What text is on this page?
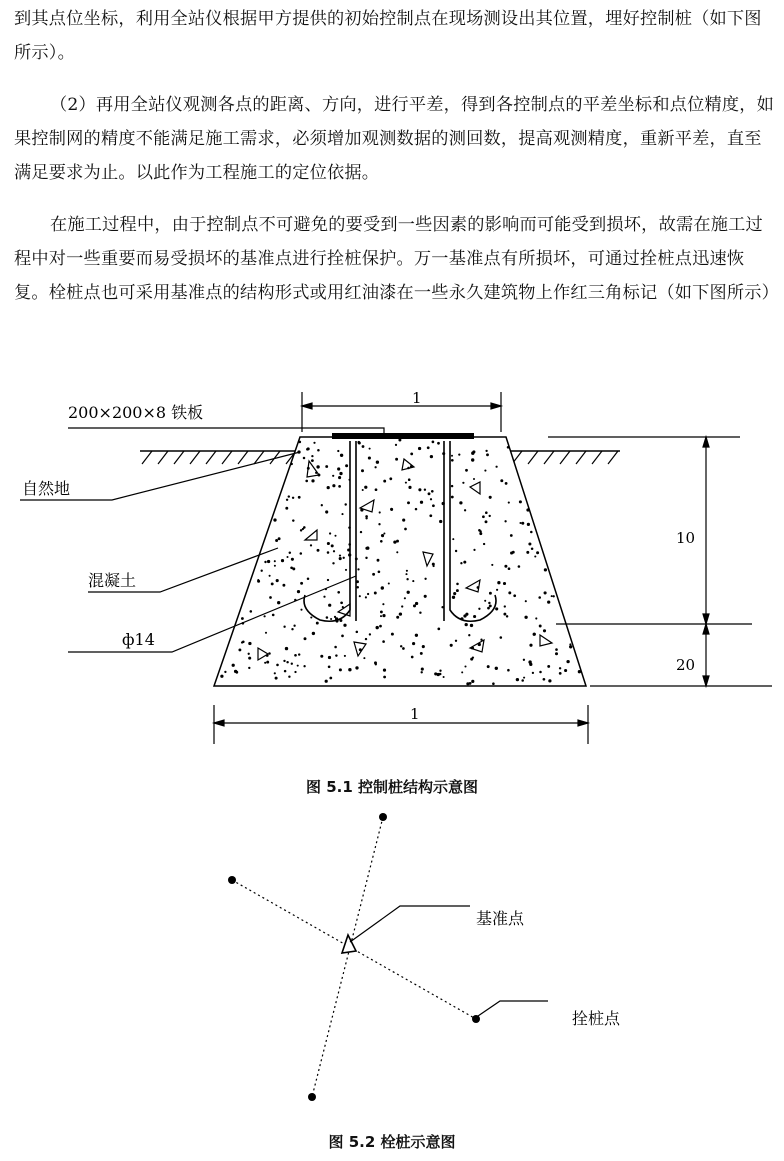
到其点位坐标，利用全站仪根据甲方提供的初始控制点在现场测设出其位置，埋好控制桩（如下图所示）。
（2）再用全站仪观测各点的距离、方向，进行平差，得到各控制点的平差坐标和点位精度，如果控制网的精度不能满足施工需求，必须增加观测数据的测回数，提高观测精度，重新平差，直至满足要求为止。以此作为工程施工的定位依据。
在施工过程中，由于控制点不可避免的要受到一些因素的影响而可能受到损坏，故需在施工过程中对一些重要而易受损坏的基准点进行拴桩保护。万一基准点有所损坏，可通过拴桩点迅速恢复。栓桩点也可采用基准点的结构形式或用红油漆在一些永久建筑物上作红三角标记（如下图所示）
1
1
10
20
200×200×8 铁板
自然地
混凝土
ф14
图 5.1 控制桩结构示意图
基准点
拴桩点
图 5.2 栓桩示意图
